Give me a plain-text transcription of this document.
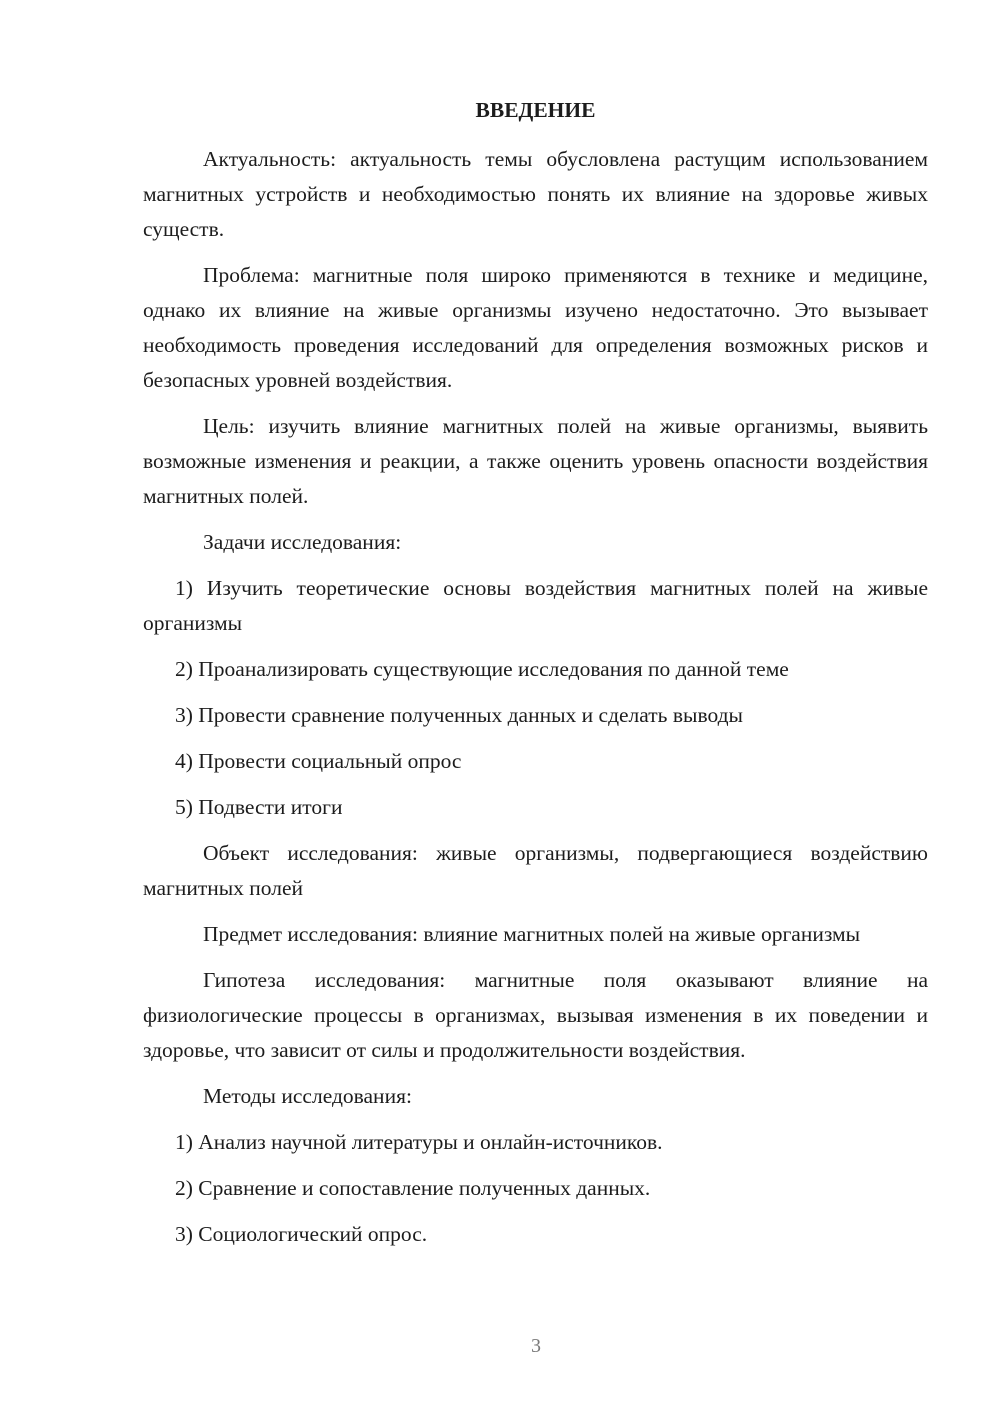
ВВЕДЕНИЕ

Актуальность: актуальность темы обусловлена растущим использованием магнитных устройств и необходимостью понять их влияние на здоровье живых существ.

Проблема: магнитные поля широко применяются в технике и медицине, однако их влияние на живые организмы изучено недостаточно. Это вызывает необходимость проведения исследований для определения возможных рисков и безопасных уровней воздействия.

Цель: изучить влияние магнитных полей на живые организмы, выявить возможные изменения и реакции, а также оценить уровень опасности воздействия магнитных полей.

Задачи исследования:

1) Изучить теоретические основы воздействия магнитных полей на живые организмы

2) Проанализировать существующие исследования по данной теме

3) Провести сравнение полученных данных и сделать выводы

4) Провести социальный опрос

5) Подвести итоги

Объект исследования: живые организмы, подвергающиеся воздействию магнитных полей

Предмет исследования: влияние магнитных полей на живые организмы

Гипотеза исследования: магнитные поля оказывают влияние на физиологические процессы в организмах, вызывая изменения в их поведении и здоровье, что зависит от силы и продолжительности воздействия.

Методы исследования:

1) Анализ научной литературы и онлайн-источников.

2) Сравнение и сопоставление полученных данных.

3) Социологический опрос.

3
